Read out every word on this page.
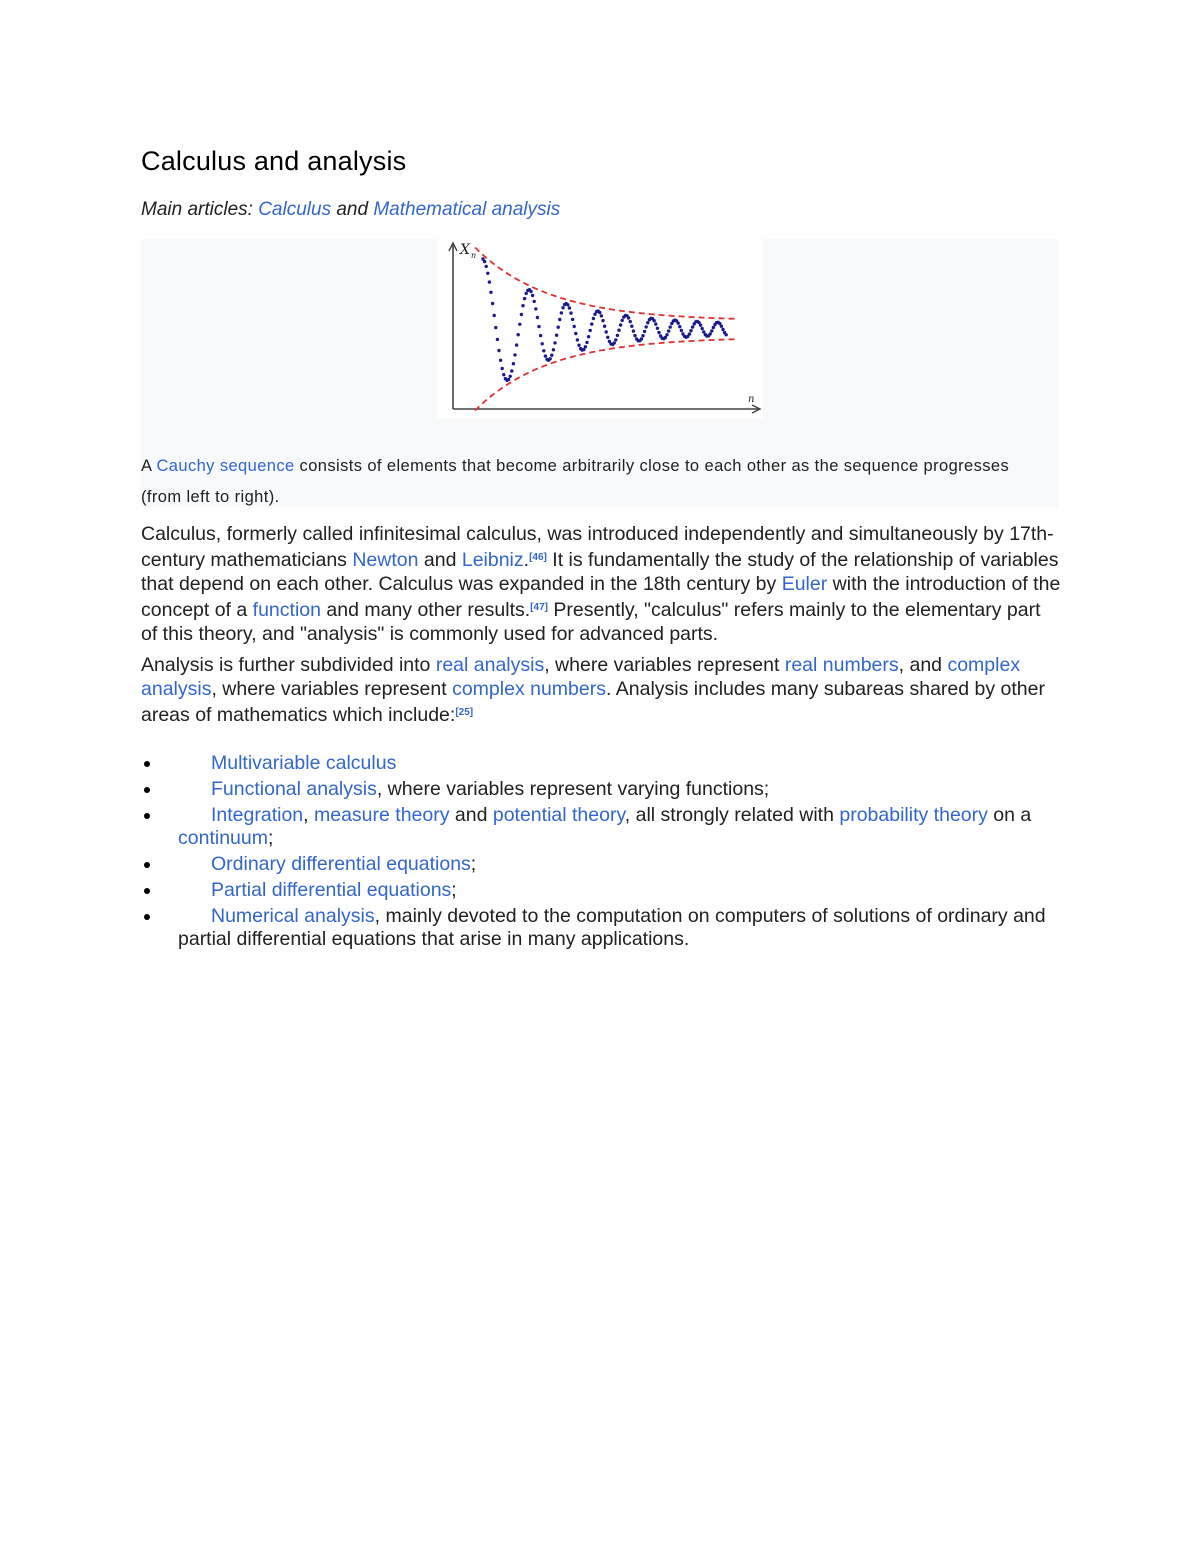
Calculus and analysis

Main articles: Calculus and Mathematical analysis

X n
n

A Cauchy sequence consists of elements that become arbitrarily close to each other as the sequence progresses (from left to right).

Calculus, formerly called infinitesimal calculus, was introduced independently and simultaneously by 17th-century mathematicians Newton and Leibniz.[46] It is fundamentally the study of the relationship of variables that depend on each other. Calculus was expanded in the 18th century by Euler with the introduction of the concept of a function and many other results.[47] Presently, "calculus" refers mainly to the elementary part of this theory, and "analysis" is commonly used for advanced parts.

Analysis is further subdivided into real analysis, where variables represent real numbers, and complex analysis, where variables represent complex numbers. Analysis includes many subareas shared by other areas of mathematics which include:[25]

Multivariable calculus
Functional analysis, where variables represent varying functions;
Integration, measure theory and potential theory, all strongly related with probability theory on a continuum;
Ordinary differential equations;
Partial differential equations;
Numerical analysis, mainly devoted to the computation on computers of solutions of ordinary and partial differential equations that arise in many applications.
